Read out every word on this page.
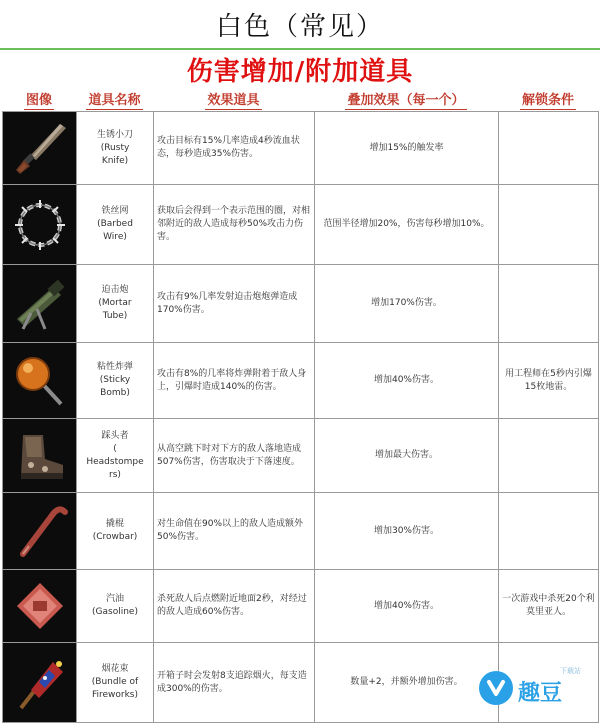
白色（常见）
伤害增加/附加道具
图像	道具名称	效果道具	叠加效果（每一个）	解锁条件
	生锈小刀
(Rusty
Knife)	攻击目标有15%几率造成4秒流血状态，每秒造成35%伤害。	增加15%的触发率	

	铁丝网
(Barbed
Wire)	获取后会得到一个表示范围的圈，对相邻附近的敌人造成每秒50%攻击力伤害。	范围半径增加20%，伤害每秒增加10%。	

	迫击炮
(Mortar
Tube)	攻击有9%几率发射迫击炮炮弹造成170%伤害。	增加170%伤害。	

	粘性炸弹
(Sticky
Bomb)	攻击有8%的几率将炸弹附着于敌人身上，引爆时造成140%的伤害。	增加40%伤害。	用工程师在5秒内引爆15枚地雷。

	踩头者
(
Headstompe
rs)	从高空跳下时对下方的敌人落地造成507%伤害，伤害取决于下落速度。	增加最大伤害。	

	撬棍
(Crowbar)	对生命值在90%以上的敌人造成额外50%伤害。	增加30%伤害。	

	汽油
(Gasoline)	杀死敌人后点燃附近地面2秒，对经过的敌人造成60%伤害。	增加40%伤害。	一次游戏中杀死20个利莫里亚人。

	烟花束
(Bundle of
Fireworks)	开箱子时会发射8支追踪烟火，每支造成300%的伤害。	数量+2，并额外增加伤害。		趣豆
下载站
